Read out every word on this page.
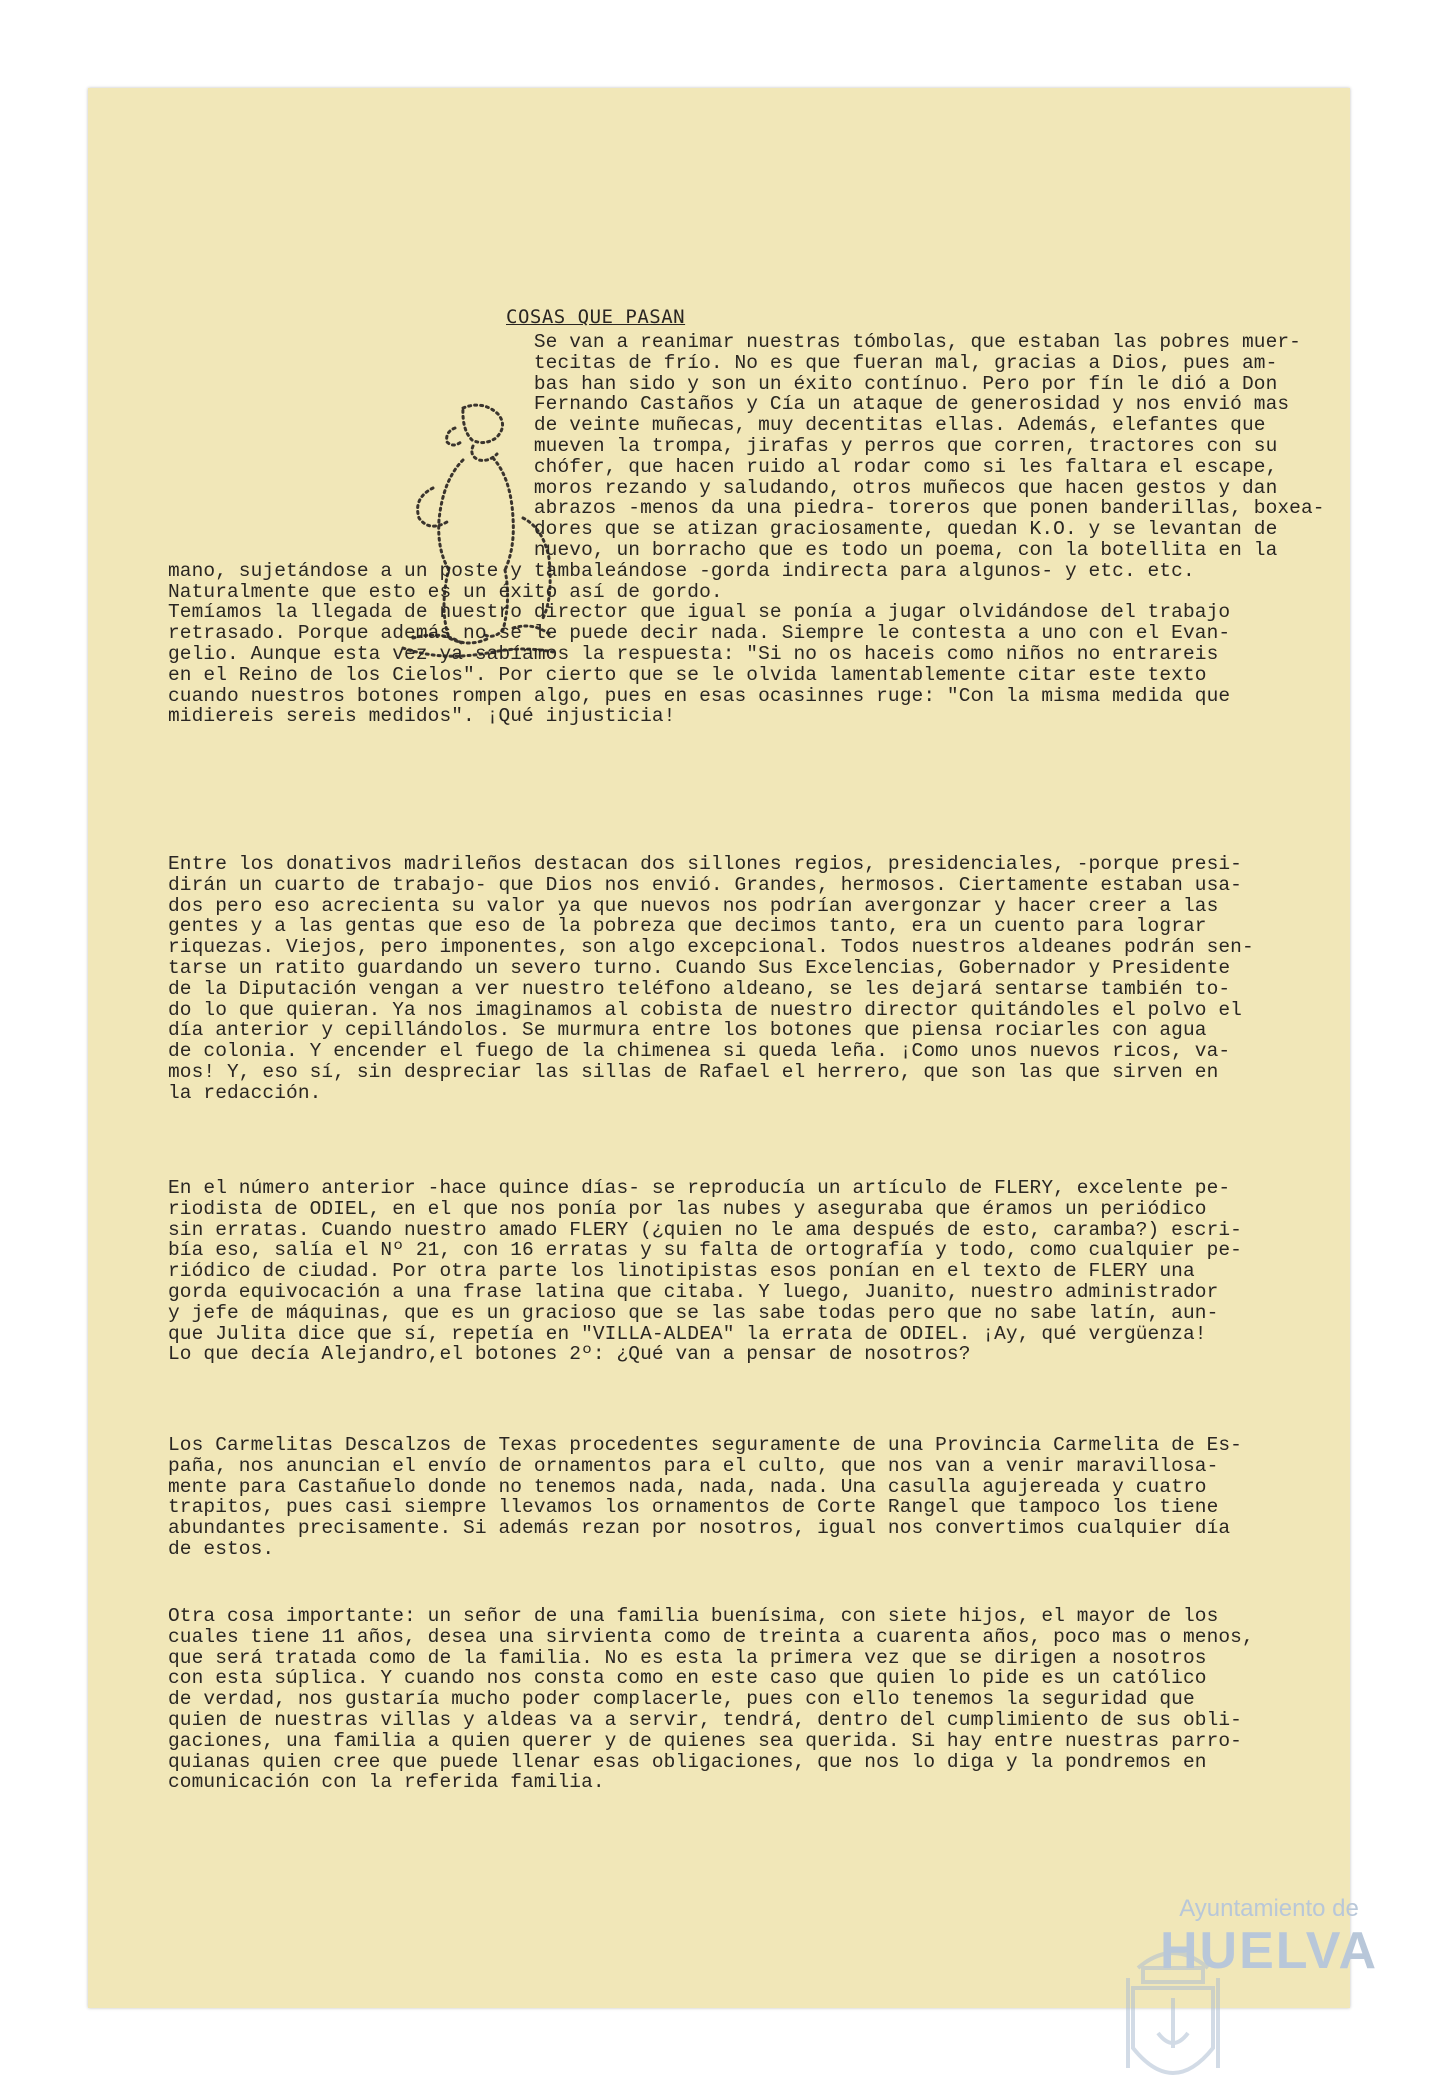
COSAS QUE PASAN
Se van a reanimar nuestras tómbolas, que estaban las pobres muer-
tecitas de frío. No es que fueran mal, gracias a Dios, pues am-
bas han sido y son un éxito contínuo. Pero por fín le dió a Don
Fernando Castaños y Cía un ataque de generosidad y nos envió mas
de veinte muñecas, muy decentitas ellas. Además, elefantes que
mueven la trompa, jirafas y perros que corren, tractores con su
chófer, que hacen ruido al rodar como si les faltara el escape,
moros rezando y saludando, otros muñecos que hacen gestos y dan
abrazos -menos da una piedra- toreros que ponen banderillas, boxea-
dores que se atizan graciosamente, quedan K.O. y se levantan de
nuevo, un borracho que es todo un poema, con la botellita en la
mano, sujetándose a un poste y tambaleándose -gorda indirecta para algunos- y etc. etc.
Naturalmente que esto es un éxito así de gordo.
Temíamos la llegada de nuestro director que igual se ponía a jugar olvidándose del trabajo
retrasado. Porque además no se le puede decir nada. Siempre le contesta a uno con el Evan-
gelio. Aunque esta vez ya sabíamos la respuesta: "Si no os haceis como niños no entrareis
en el Reino de los Cielos". Por cierto que se le olvida lamentablemente citar este texto
cuando nuestros botones rompen algo, pues en esas ocasinnes ruge: "Con la misma medida que
midiereis sereis medidos". ¡Qué injusticia!
Entre los donativos madrileños destacan dos sillones regios, presidenciales, -porque presi-
dirán un cuarto de trabajo- que Dios nos envió. Grandes, hermosos. Ciertamente estaban usa-
dos pero eso acrecienta su valor ya que nuevos nos podrían avergonzar y hacer creer a las
gentes y a las gentas que eso de la pobreza que decimos tanto, era un cuento para lograr
riquezas. Viejos, pero imponentes, son algo excepcional. Todos nuestros aldeanes podrán sen-
tarse un ratito guardando un severo turno. Cuando Sus Excelencias, Gobernador y Presidente
de la Diputación vengan a ver nuestro teléfono aldeano, se les dejará sentarse también to-
do lo que quieran. Ya nos imaginamos al cobista de nuestro director quitándoles el polvo el
día anterior y cepillándolos. Se murmura entre los botones que piensa rociarles con agua
de colonia. Y encender el fuego de la chimenea si queda leña. ¡Como unos nuevos ricos, va-
mos! Y, eso sí, sin despreciar las sillas de Rafael el herrero, que son las que sirven en
la redacción.
En el número anterior -hace quince días- se reproducía un artículo de FLERY, excelente pe-
riodista de ODIEL, en el que nos ponía por las nubes y aseguraba que éramos un periódico
sin erratas. Cuando nuestro amado FLERY (¿quien no le ama después de esto, caramba?) escri-
bía eso, salía el Nº 21, con 16 erratas y su falta de ortografía y todo, como cualquier pe-
riódico de ciudad. Por otra parte los linotipistas esos ponían en el texto de FLERY una
gorda equivocación a una frase latina que citaba. Y luego, Juanito, nuestro administrador
y jefe de máquinas, que es un gracioso que se las sabe todas pero que no sabe latín, aun-
que Julita dice que sí, repetía en "VILLA-ALDEA" la errata de ODIEL. ¡Ay, qué vergüenza!
Lo que decía Alejandro,el botones 2º: ¿Qué van a pensar de nosotros?
Los Carmelitas Descalzos de Texas procedentes seguramente de una Provincia Carmelita de Es-
paña, nos anuncian el envío de ornamentos para el culto, que nos van a venir maravillosa-
mente para Castañuelo donde no tenemos nada, nada, nada. Una casulla agujereada y cuatro
trapitos, pues casi siempre llevamos los ornamentos de Corte Rangel que tampoco los tiene
abundantes precisamente. Si además rezan por nosotros, igual nos convertimos cualquier día
de estos.
Otra cosa importante: un señor de una familia buenísima, con siete hijos, el mayor de los
cuales tiene 11 años, desea una sirvienta como de treinta a cuarenta años, poco mas o menos,
que será tratada como de la familia. No es esta la primera vez que se dirigen a nosotros
con esta súplica. Y cuando nos consta como en este caso que quien lo pide es un católico
de verdad, nos gustaría mucho poder complacerle, pues con ello tenemos la seguridad que
quien de nuestras villas y aldeas va a servir, tendrá, dentro del cumplimiento de sus obli-
gaciones, una familia a quien querer y de quienes sea querida. Si hay entre nuestras parro-
quianas quien cree que puede llenar esas obligaciones, que nos lo diga y la pondremos en
comunicación con la referida familia.
Ayuntamiento de
HUELVA
